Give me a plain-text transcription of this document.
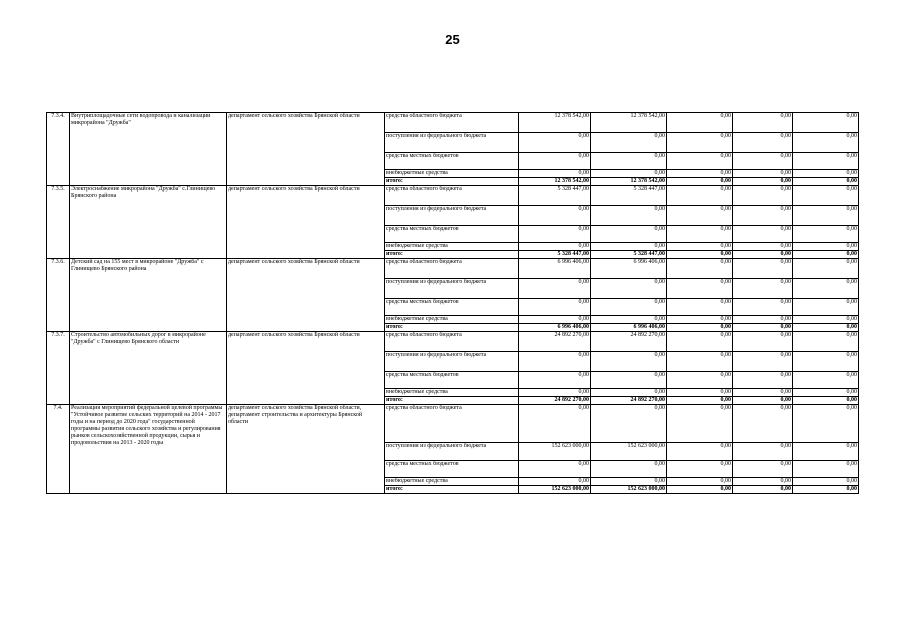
25
7.3.4.	Внутриплощадочные сети водопровода и канализации микрорайона "Дружба"	департамент сельского хозяйства Брянской области	средства областного бюджета	12 378 542,00	12 378 542,00	0,00	0,00	0,00
			поступления из федерального бюджета	0,00	0,00	0,00	0,00	0,00
			средства местных бюджетов	0,00	0,00	0,00	0,00	0,00
			внебюджетные средства	0,00	0,00	0,00	0,00	0,00
			итого:	12 378 542,00	12 378 542,00	0,00	0,00	0,00
7.3.5.	Электроснабжение микрорайона "Дружба" с.Глинищево Брянского района	департамент сельского хозяйства Брянской области	средства областного бюджета	5 328 447,00	5 328 447,00	0,00	0,00	0,00
			поступления из федерального бюджета	0,00	0,00	0,00	0,00	0,00
			средства местных бюджетов	0,00	0,00	0,00	0,00	0,00
			внебюджетные средства	0,00	0,00	0,00	0,00	0,00
			итого:	5 328 447,00	5 328 447,00	0,00	0,00	0,00
7.3.6.	Детский сад на 155 мест в микрорайоне "Дружба" с Глинищево Брянского района	департамент сельского хозяйства Брянской области	средства областного бюджета	6 996 406,00	6 996 406,00	0,00	0,00	0,00
			поступления из федерального бюджета	0,00	0,00	0,00	0,00	0,00
			средства местных бюджетов	0,00	0,00	0,00	0,00	0,00
			внебюджетные средства	0,00	0,00	0,00	0,00	0,00
			итого:	6 996 406,00	6 996 406,00	0,00	0,00	0,00
7.3.7.	Строительство автомобильных дорог в микрорайоне "Дружба" с Глинищево Брянского области	департамент сельского хозяйства Брянской области	средства областного бюджета	24 892 270,00	24 892 270,00	0,00	0,00	0,00
			поступления из федерального бюджета	0,00	0,00	0,00	0,00	0,00
			средства местных бюджетов	0,00	0,00	0,00	0,00	0,00
			внебюджетные средства	0,00	0,00	0,00	0,00	0,00
			итого:	24 892 270,00	24 892 270,00	0,00	0,00	0,00
7.4.	Реализация мероприятий федеральной целевой программы "Устойчивое развитие сельских территорий на 2014 - 2017 годы и на период до 2020 года" государственной программы развития сельского хозяйства и регулирования рынков сельскохозяйственной продукции, сырья и продовольствия на 2013 - 2020 годы	департамент сельского хозяйства Брянской области, департамент строительства и архитектуры Брянской области	средства областного бюджета	0,00	0,00	0,00	0,00	0,00
			поступления из федерального бюджета	152 623 000,00	152 623 000,00	0,00	0,00	0,00
			средства местных бюджетов	0,00	0,00	0,00	0,00	0,00
			внебюджетные средства	0,00	0,00	0,00	0,00	0,00
			итого:	152 623 000,00	152 623 000,00	0,00	0,00	0,00
